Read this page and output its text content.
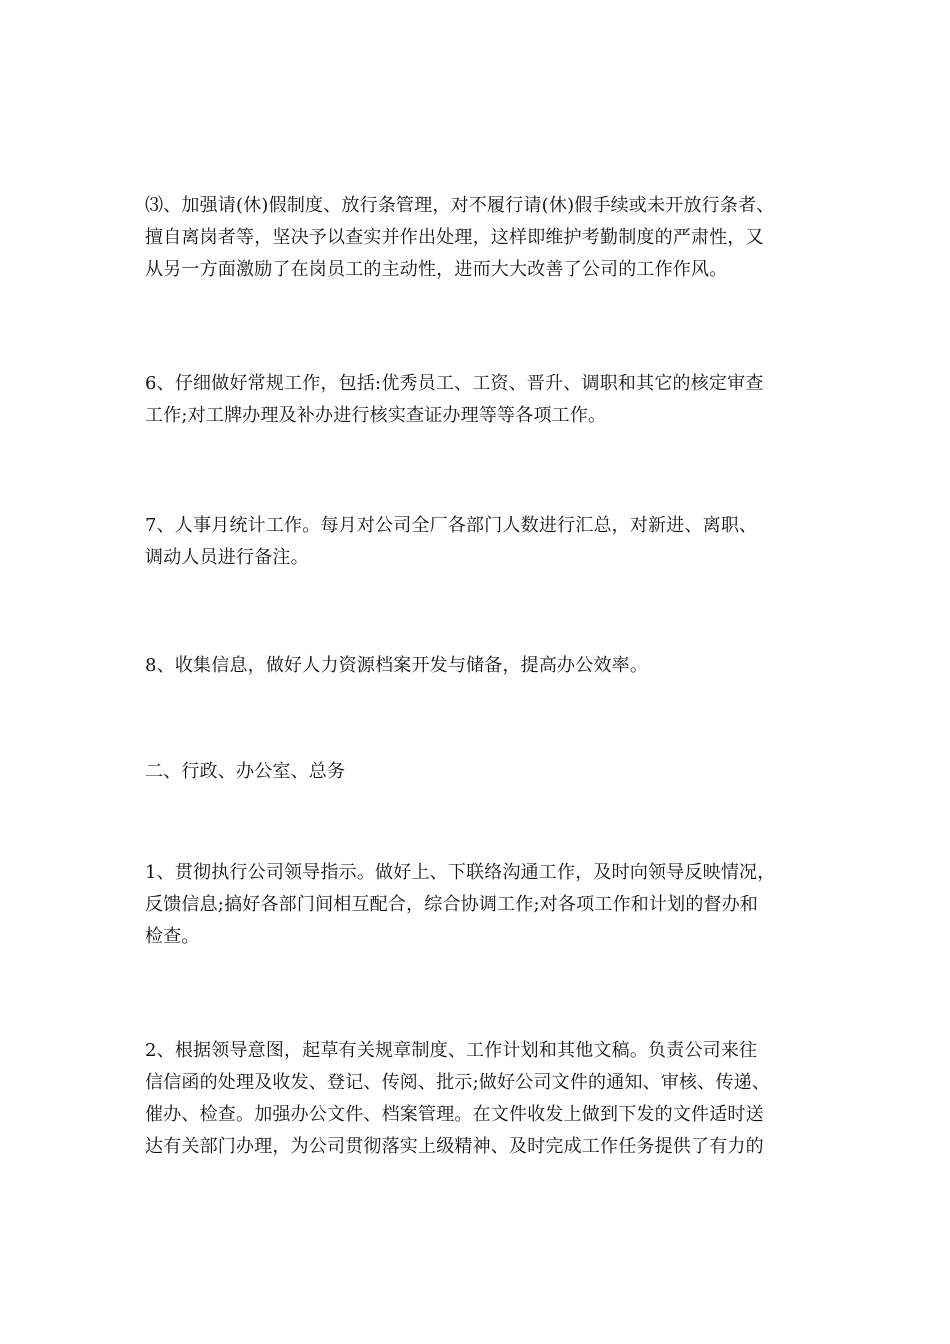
⑶、加强请(休)假制度、放行条管理，对不履行请(休)假手续或未开放行条者、
擅自离岗者等，坚决予以查实并作出处理，这样即维护考勤制度的严肃性，又
从另一方面激励了在岗员工的主动性，进而大大改善了公司的工作作风。
6、仔细做好常规工作，包括:优秀员工、工资、晋升、调职和其它的核定审查
工作;对工牌办理及补办进行核实查证办理等等各项工作。
7、人事月统计工作。每月对公司全厂各部门人数进行汇总，对新进、离职、
调动人员进行备注。
8、收集信息，做好人力资源档案开发与储备，提高办公效率。
二、行政、办公室、总务
1、贯彻执行公司领导指示。做好上、下联络沟通工作，及时向领导反映情况，
反馈信息;搞好各部门间相互配合，综合协调工作;对各项工作和计划的督办和
检查。
2、根据领导意图，起草有关规章制度、工作计划和其他文稿。负责公司来往
信信函的处理及收发、登记、传阅、批示;做好公司文件的通知、审核、传递、
催办、检查。加强办公文件、档案管理。在文件收发上做到下发的文件适时送
达有关部门办理，为公司贯彻落实上级精神、及时完成工作任务提供了有力的
